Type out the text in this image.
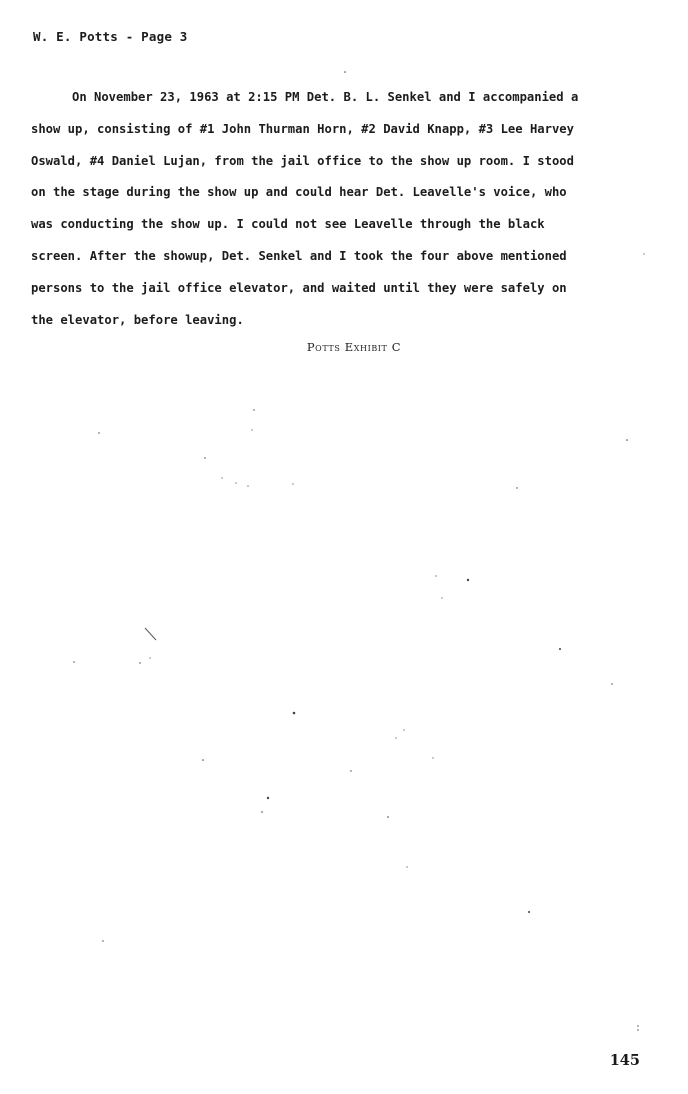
W. E. Potts - Page 3
On November 23, 1963 at 2:15 PM Det. B. L. Senkel and I accompanied a
show up, consisting of #1 John Thurman Horn, #2 David Knapp, #3 Lee Harvey
Oswald, #4 Daniel Lujan, from the jail office to the show up room. I stood
on the stage during the show up and could hear Det. Leavelle's voice, who
was conducting the show up. I could not see Leavelle through the black
screen. After the showup, Det. Senkel and I took the four above mentioned
persons to the jail office elevator, and waited until they were safely on
the elevator, before leaving.
Potts Exhibit C
145
